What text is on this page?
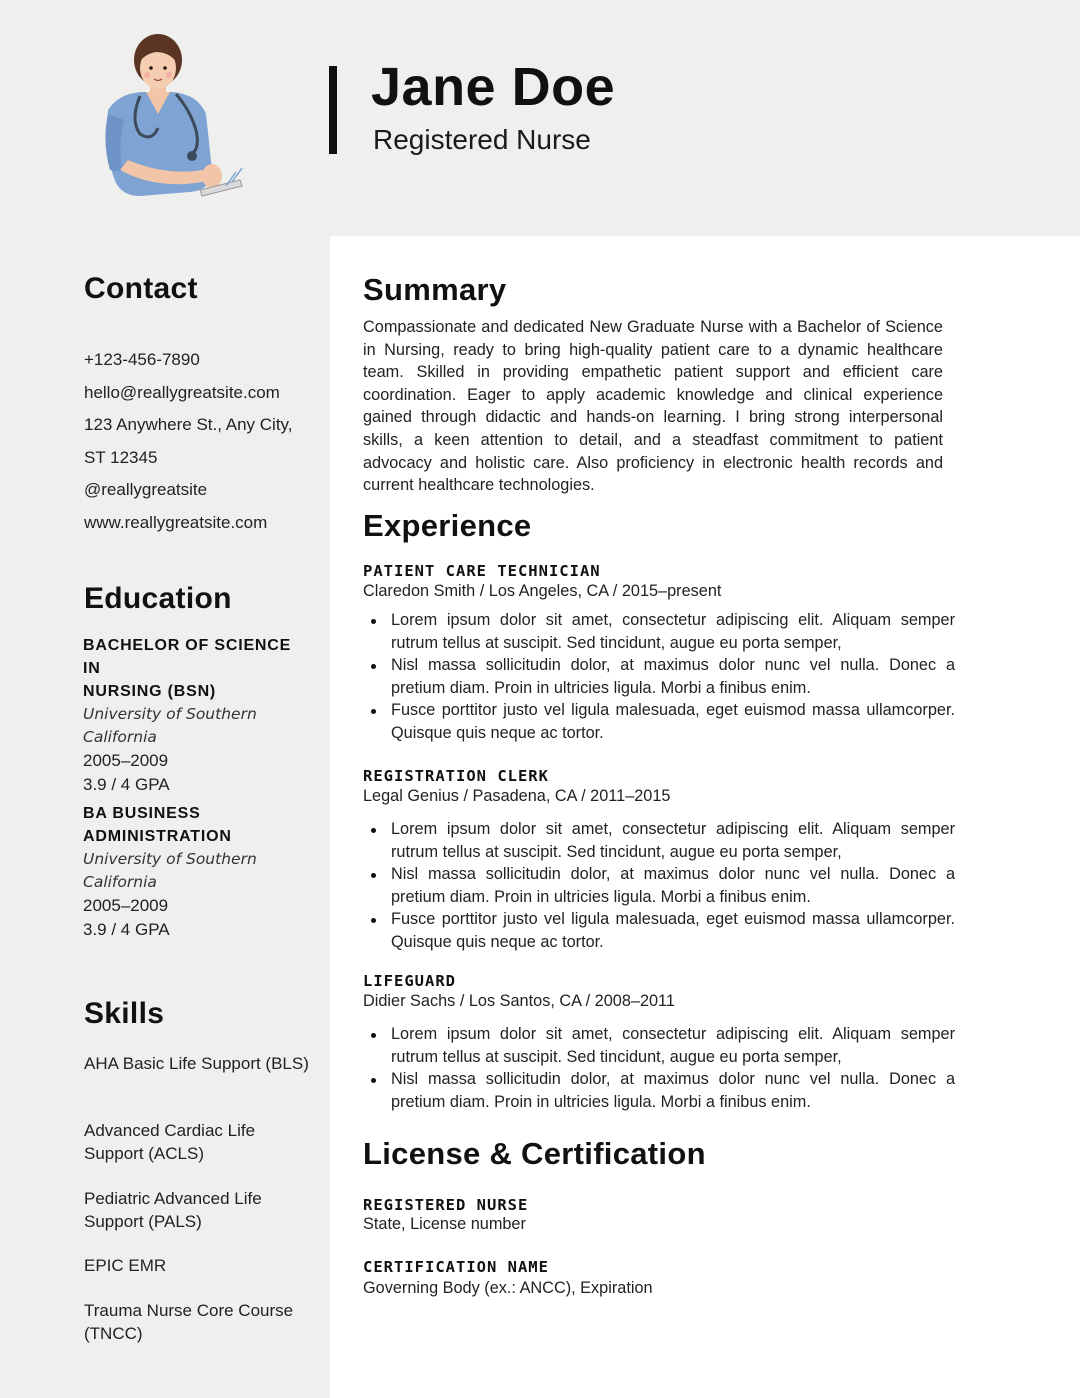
Jane Doe
Registered Nurse
Contact
+123-456-7890
hello@reallygreatsite.com
123 Anywhere St., Any City,
ST 12345
@reallygreatsite
www.reallygreatsite.com
Education
BACHELOR OF SCIENCE IN
NURSING (BSN)
University of Southern
California
2005–2009
3.9 / 4 GPA
BA BUSINESS
ADMINISTRATION
University of Southern
California
2005–2009
3.9 / 4 GPA
Skills
AHA Basic Life Support (BLS)
Advanced Cardiac Life Support (ACLS)
Pediatric Advanced Life Support (PALS)
EPIC EMR
Trauma Nurse Core Course (TNCC)
Summary
Compassionate and dedicated New Graduate Nurse with a Bachelor of Science in Nursing, ready to bring high-quality patient care to a dynamic healthcare team. Skilled in providing empathetic patient support and efficient care coordination. Eager to apply academic knowledge and clinical experience gained through didactic and hands-on learning. I bring strong interpersonal skills, a keen attention to detail, and a steadfast commitment to patient advocacy and holistic care. Also proficiency in electronic health records and current healthcare technologies.
Experience
PATIENT CARE TECHNICIAN
Claredon Smith / Los Angeles, CA / 2015–present
Lorem ipsum dolor sit amet, consectetur adipiscing elit. Aliquam semper rutrum tellus at suscipit. Sed tincidunt, augue eu porta semper,
Nisl massa sollicitudin dolor, at maximus dolor nunc vel nulla. Donec a pretium diam. Proin in ultricies ligula. Morbi a finibus enim.
Fusce porttitor justo vel ligula malesuada, eget euismod massa ullamcorper. Quisque quis neque ac tortor.
REGISTRATION CLERK
Legal Genius / Pasadena, CA / 2011–2015
Lorem ipsum dolor sit amet, consectetur adipiscing elit. Aliquam semper rutrum tellus at suscipit. Sed tincidunt, augue eu porta semper,
Nisl massa sollicitudin dolor, at maximus dolor nunc vel nulla. Donec a pretium diam. Proin in ultricies ligula. Morbi a finibus enim.
Fusce porttitor justo vel ligula malesuada, eget euismod massa ullamcorper. Quisque quis neque ac tortor.
LIFEGUARD
Didier Sachs / Los Santos, CA / 2008–2011
Lorem ipsum dolor sit amet, consectetur adipiscing elit. Aliquam semper rutrum tellus at suscipit. Sed tincidunt, augue eu porta semper,
Nisl massa sollicitudin dolor, at maximus dolor nunc vel nulla. Donec a pretium diam. Proin in ultricies ligula. Morbi a finibus enim.
License & Certification
REGISTERED NURSE
State, License number
CERTIFICATION NAME
Governing Body (ex.: ANCC), Expiration
